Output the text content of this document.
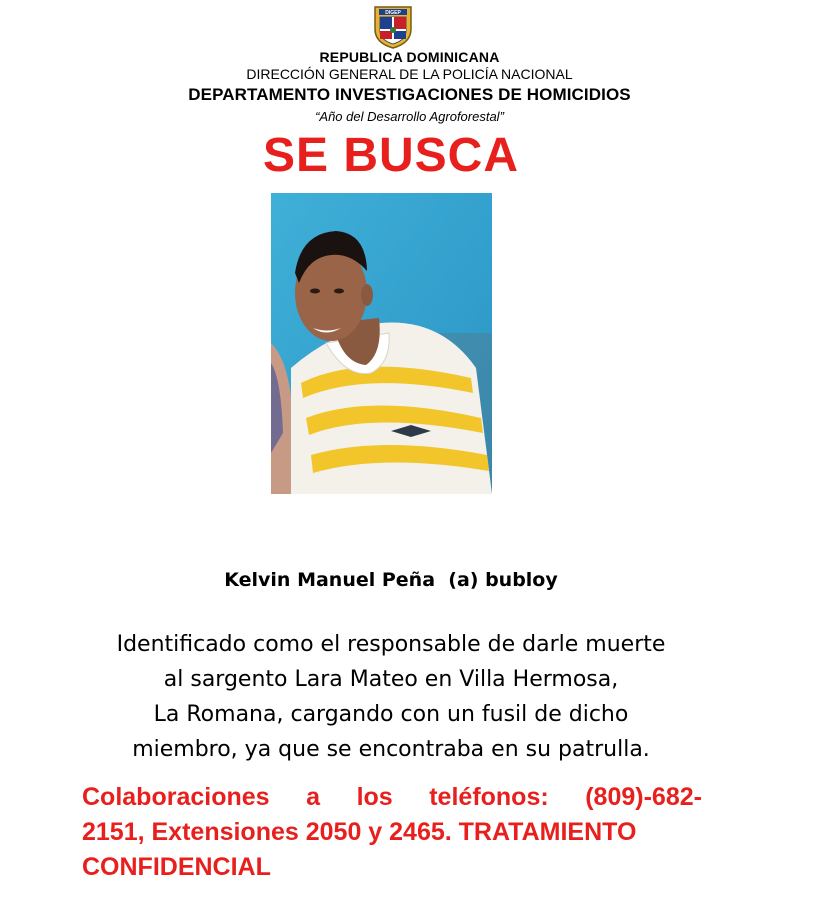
DIGEP
REPUBLICA DOMINICANA
DIRECCIÓN GENERAL DE LA POLICÍA NACIONAL
DEPARTAMENTO INVESTIGACIONES DE HOMICIDIOS
“Año del Desarrollo Agroforestal”
SE BUSCA
Kelvin Manuel Peña  (a) bubloy
Identificado como el responsable de darle muerte
al sargento Lara Mateo en Villa Hermosa,
La Romana, cargando con un fusil de dicho
miembro, ya que se encontraba en su patrulla.
Colaboraciones a los teléfonos: (809)-682-
2151, Extensiones 2050 y 2465. TRATAMIENTO
CONFIDENCIAL
